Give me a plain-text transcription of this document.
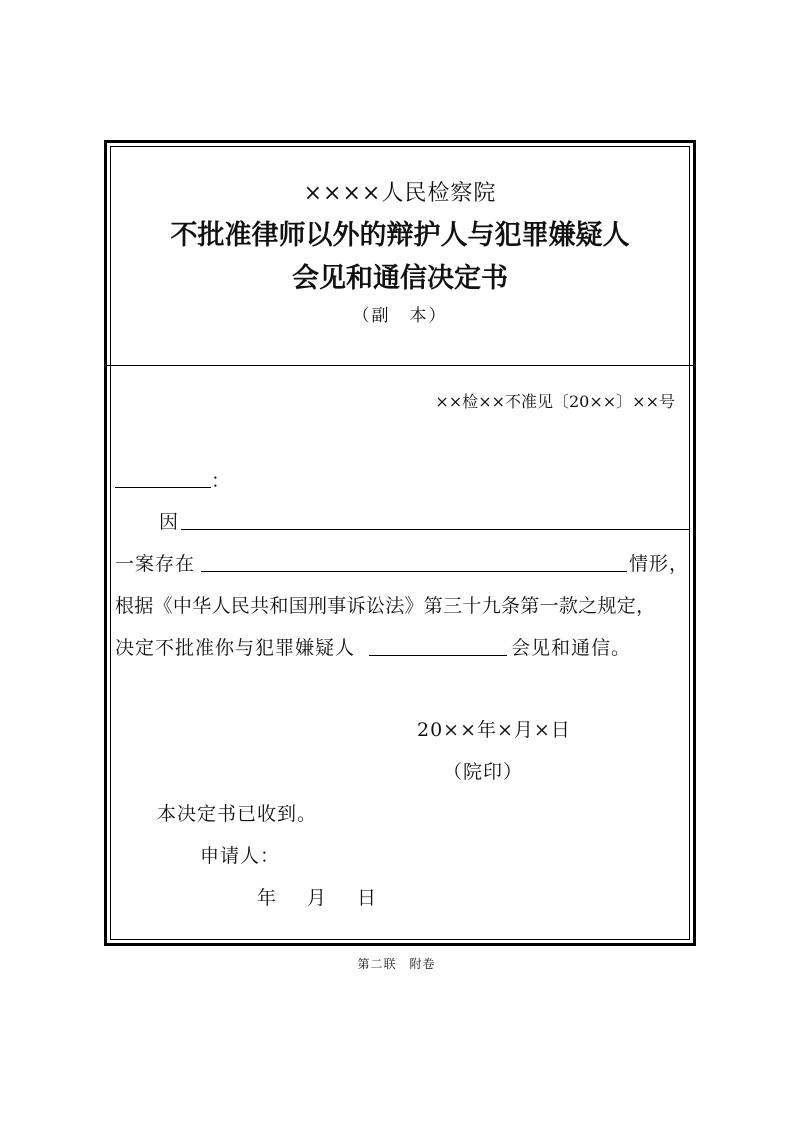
××××人民检察院
不批准律师以外的辩护人与犯罪嫌疑人
会见和通信决定书
（副　本）
××检××不准见〔20××〕××号
：
因
一案存在	情形，
根据《中华人民共和国刑事诉讼法》第三十九条第一款之规定，
决定不批准你与犯罪嫌疑人	会见和通信。
20××年×月×日
（院印）
本决定书已收到。
申请人：
年　月　日
第二联　附卷
